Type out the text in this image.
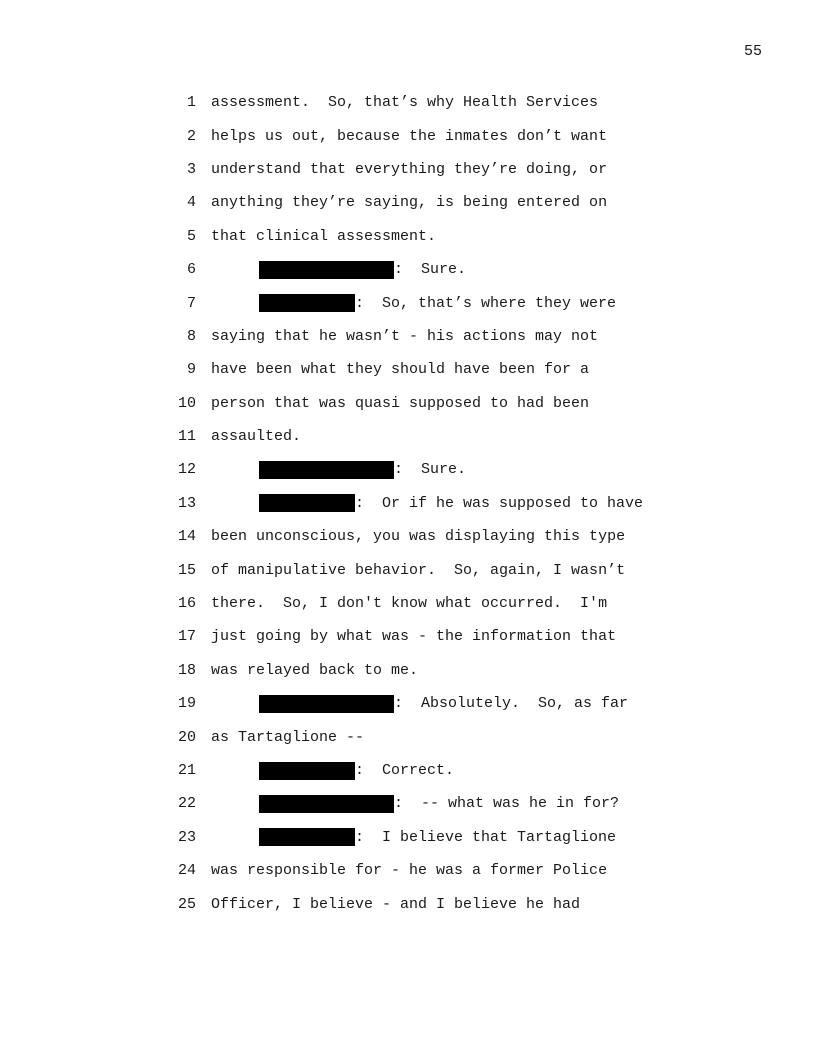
55
1 assessment.  So, that’s why Health Services
2 helps us out, because the inmates don’t want
3 understand that everything they’re doing, or
4 anything they’re saying, is being entered on
5 that clinical assessment.
6	:  Sure.
7	:  So, that’s where they were
8 saying that he wasn’t - his actions may not
9 have been what they should have been for a
10 person that was quasi supposed to had been
11 assaulted.
12	:  Sure.
13	:  Or if he was supposed to have
14 been unconscious, you was displaying this type
15 of manipulative behavior.  So, again, I wasn’t
16 there.  So, I don't know what occurred.  I'm
17 just going by what was - the information that
18 was relayed back to me.
19	:  Absolutely.  So, as far
20 as Tartaglione --
21	:  Correct.
22	:  -- what was he in for?
23	:  I believe that Tartaglione
24 was responsible for - he was a former Police
25 Officer, I believe - and I believe he had
